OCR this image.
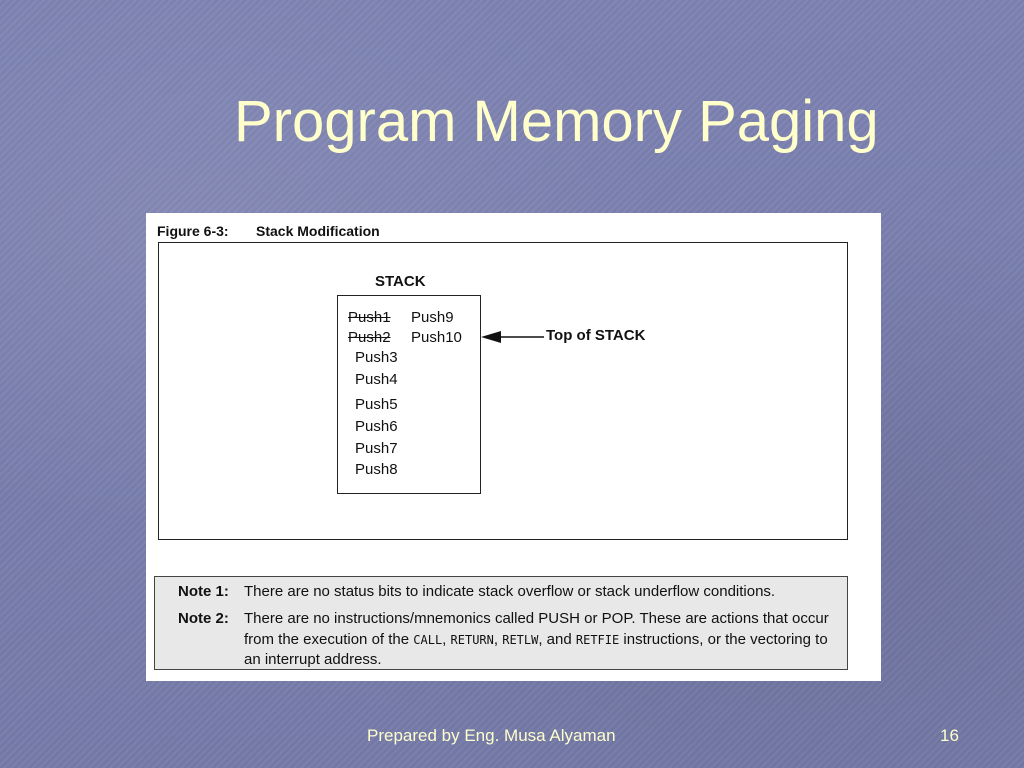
Program Memory Paging
Figure 6-3: Stack Modification
STACK
Push1 Push9
Push2 Push10
Push3
Push4
Push5
Push6
Push7
Push8
Top of STACK
Note 1: There are no status bits to indicate stack overflow or stack underflow conditions.
Note 2: There are no instructions/mnemonics called PUSH or POP. These are actions that occur from the execution of the CALL, RETURN, RETLW, and RETFIE instructions, or the vectoring to an interrupt address.
Prepared by Eng. Musa Alyaman	16
